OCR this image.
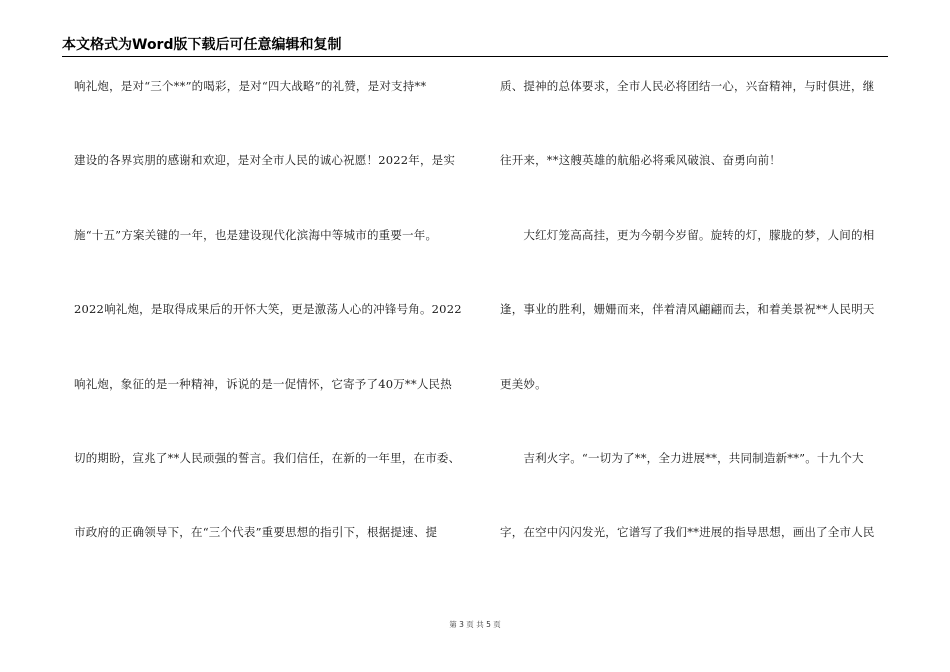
本文格式为Word版下载后可任意编辑和复制
响礼炮，是对“三个**”的喝彩，是对“四大战略”的礼赞，是对支持**
建设的各界宾朋的感谢和欢迎，是对全市人民的诚心祝愿！2022年，是实
施“十五”方案关键的一年，也是建设现代化滨海中等城市的重要一年。
2022响礼炮，是取得成果后的开怀大笑，更是激荡人心的冲锋号角。2022
响礼炮，象征的是一种精神，诉说的是一促情怀，它寄予了40万**人民热
切的期盼，宣兆了**人民顽强的誓言。我们信任，在新的一年里，在市委、
市政府的正确领导下，在“三个代表”重要思想的指引下，根据提速、提
质、提神的总体要求，全市人民必将团结一心，兴奋精神，与时俱进，继
往开来，**这艘英雄的航船必将乘风破浪、奋勇向前！
　　大红灯笼高高挂，更为今朝今岁留。旋转的灯，朦胧的梦，人间的相
逢，事业的胜利，姗姗而来，伴着清风翩翩而去，和着美景祝**人民明天
更美妙。
　　吉利火字。“一切为了**，全力进展**，共同制造新**”。十九个大
字，在空中闪闪发光，它谱写了我们**进展的指导思想，画出了全市人民
第 3 页 共 5 页
